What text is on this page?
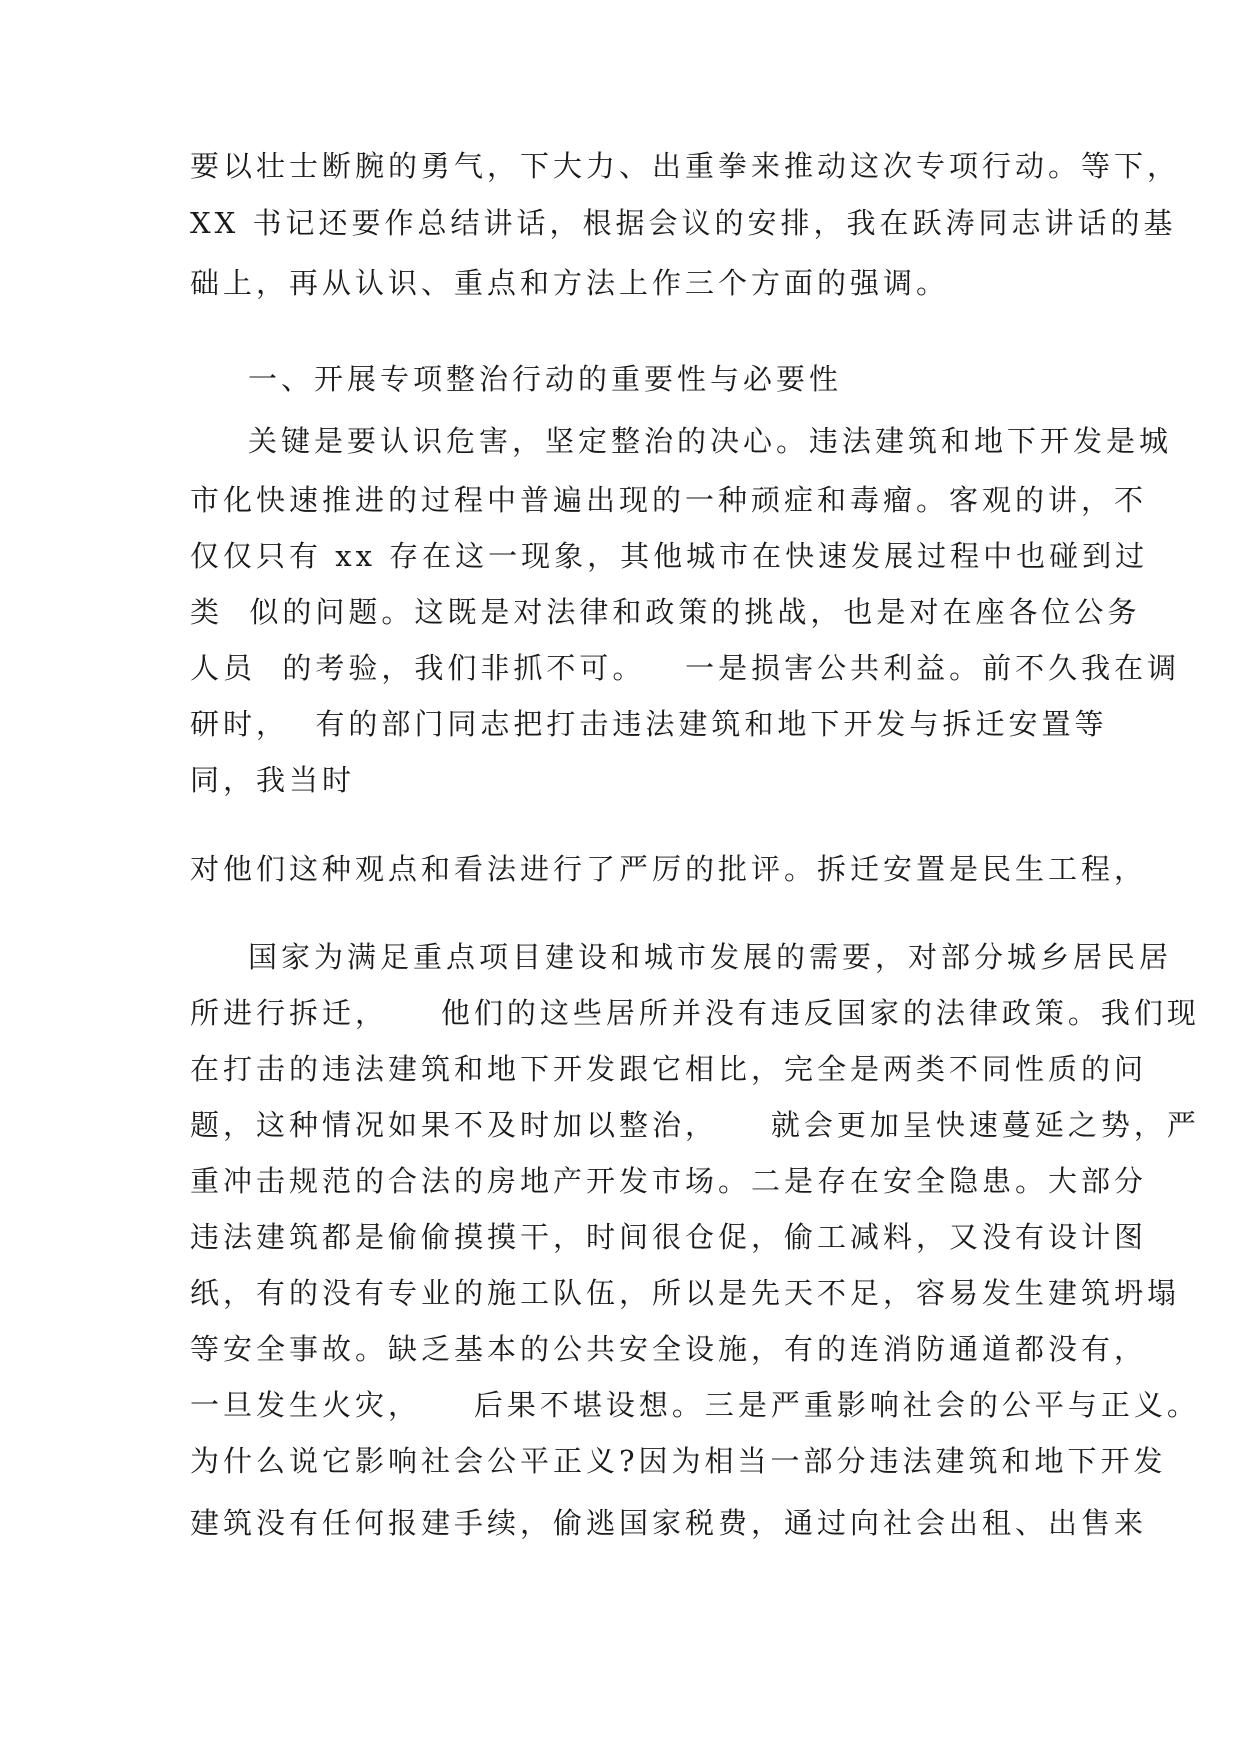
要以壮士断腕的勇气，下大力、出重拳来推动这次专项行动。等下，
XX 书记还要作总结讲话，根据会议的安排，我在跃涛同志讲话的基
础上，再从认识、重点和方法上作三个方面的强调。
一、开展专项整治行动的重要性与必要性
关键是要认识危害，坚定整治的决心。违法建筑和地下开发是城
市化快速推进的过程中普遍出现的一种顽症和毒瘤。客观的讲，不
仅仅只有 xx 存在这一现象，其他城市在快速发展过程中也碰到过
类  似的问题。这既是对法律和政策的挑战，也是对在座各位公务
人员  的考验，我们非抓不可。   一是损害公共利益。前不久我在调
研时，  有的部门同志把打击违法建筑和地下开发与拆迁安置等
同，我当时
对他们这种观点和看法进行了严厉的批评。拆迁安置是民生工程，
国家为满足重点项目建设和城市发展的需要，对部分城乡居民居
所进行拆迁，    他们的这些居所并没有违反国家的法律政策。我们现
在打击的违法建筑和地下开发跟它相比，完全是两类不同性质的问
题，这种情况如果不及时加以整治，    就会更加呈快速蔓延之势，严
重冲击规范的合法的房地产开发市场。二是存在安全隐患。大部分
违法建筑都是偷偷摸摸干，时间很仓促，偷工减料，又没有设计图
纸，有的没有专业的施工队伍，所以是先天不足，容易发生建筑坍塌
等安全事故。缺乏基本的公共安全设施，有的连消防通道都没有，
一旦发生火灾，    后果不堪设想。三是严重影响社会的公平与正义。
为什么说它影响社会公平正义?因为相当一部分违法建筑和地下开发
建筑没有任何报建手续，偷逃国家税费，通过向社会出租、出售来
